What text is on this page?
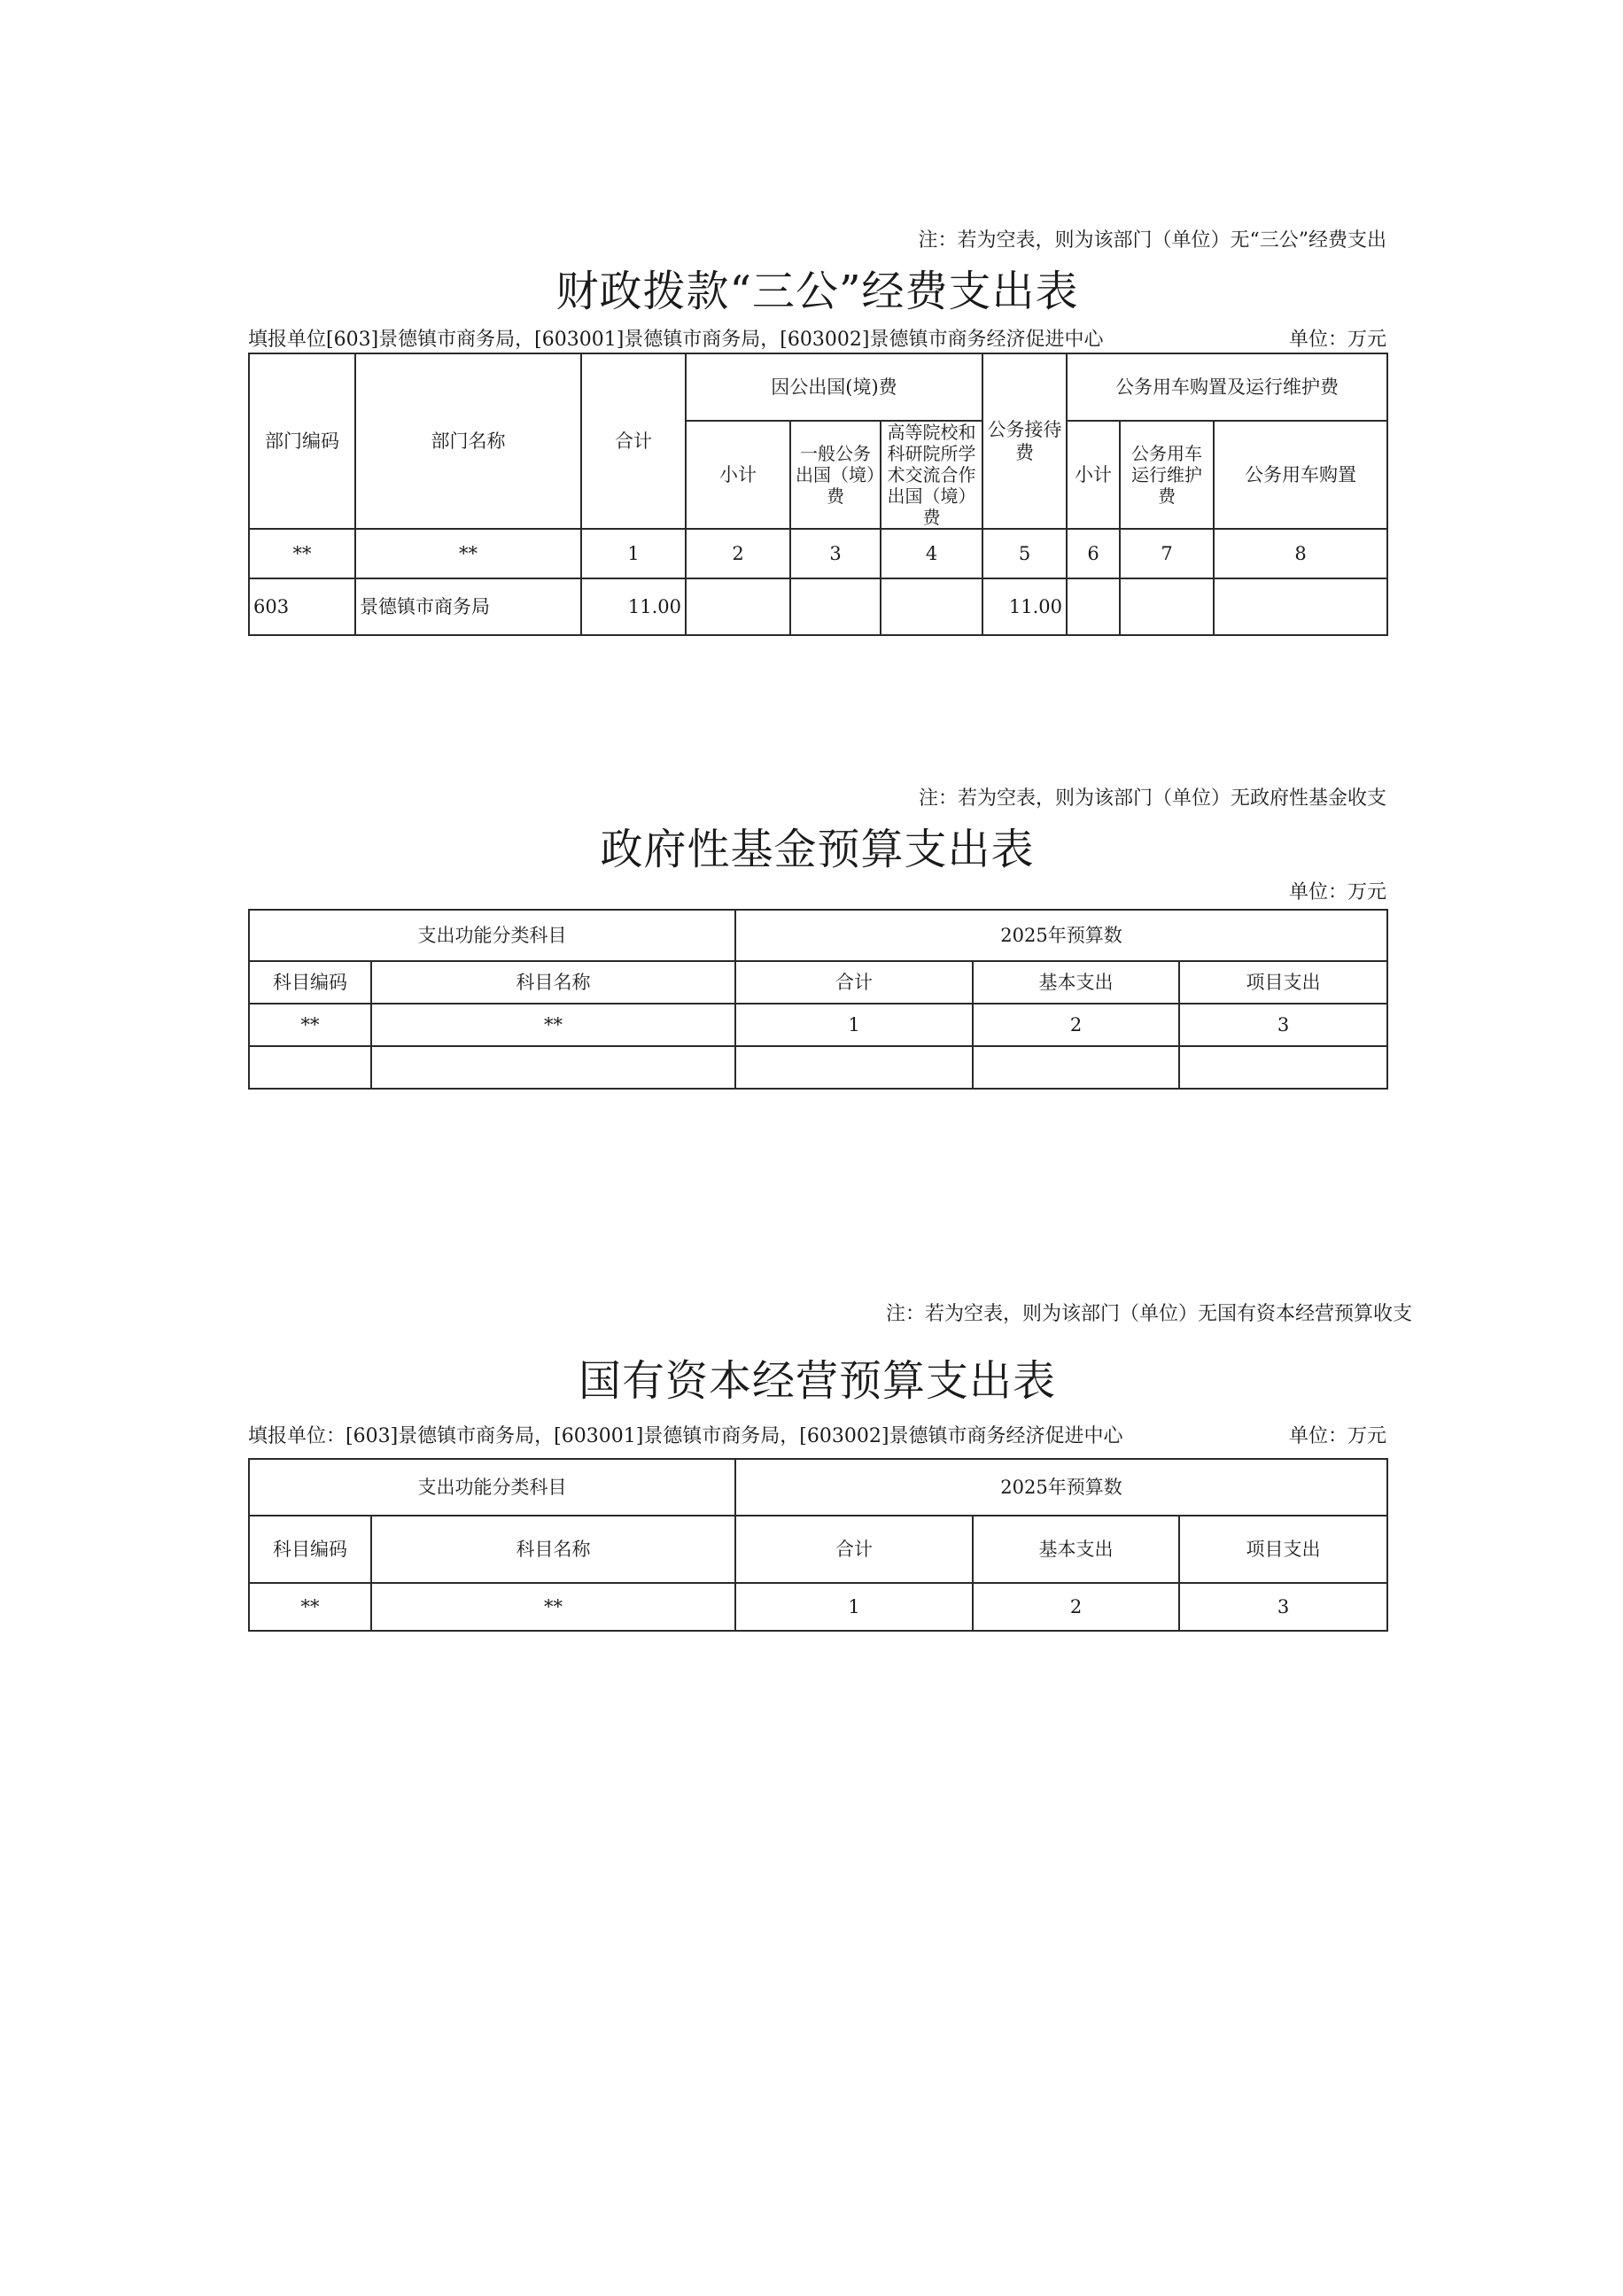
注：若为空表，则为该部门（单位）无“三公”经费支出
财政拨款“三公”经费支出表
填报单位[603]景德镇市商务局，[603001]景德镇市商务局，[603002]景德镇市商务经济促进中心	单位：万元
部门编码	部门名称	合计	因公出国(境)费			公务接待费	公务用车购置及运行维护费		
			小计	一般公务出国（境）费	高等院校和科研院所学术交流合作出国（境）费		小计	公务用车运行维护费	公务用车购置
**	**	1	2	3	4	5	6	7	8
603	景德镇市商务局	11.00				11.00			
注：若为空表，则为该部门（单位）无政府性基金收支
政府性基金预算支出表
单位：万元
支出功能分类科目		2025年预算数		
科目编码	科目名称	合计	基本支出	项目支出
**	**	1	2	3

注：若为空表，则为该部门（单位）无国有资本经营预算收支
国有资本经营预算支出表
填报单位：[603]景德镇市商务局，[603001]景德镇市商务局，[603002]景德镇市商务经济促进中心	单位：万元
支出功能分类科目		2025年预算数		
科目编码	科目名称	合计	基本支出	项目支出
**	**	1	2	3
